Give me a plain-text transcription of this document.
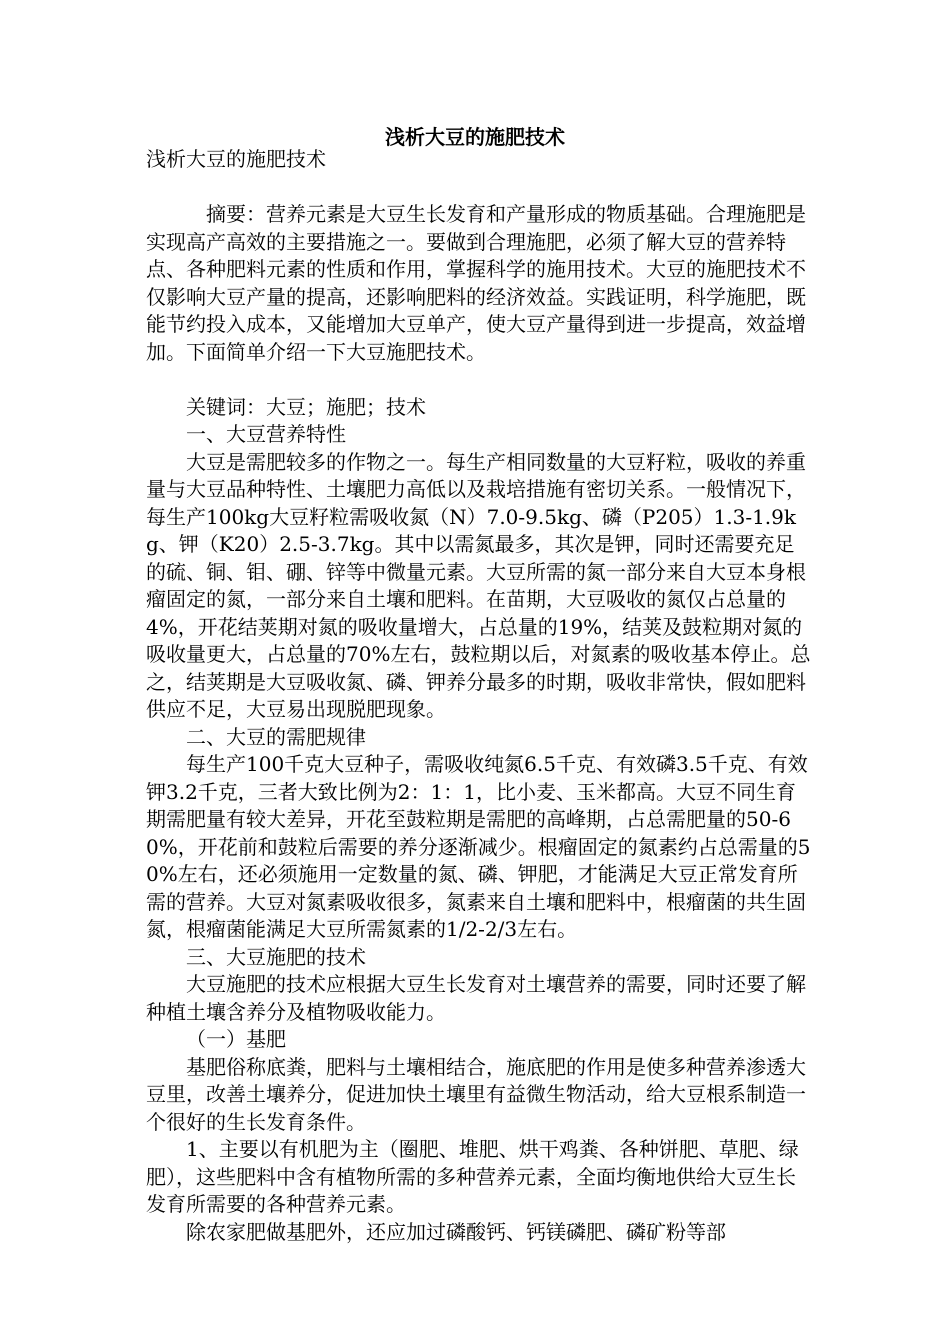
浅析大豆的施肥技术

浅析大豆的施肥技术

摘要：营养元素是大豆生长发育和产量形成的物质基础。合理施肥是实现高产高效的主要措施之一。要做到合理施肥，必须了解大豆的营养特点、各种肥料元素的性质和作用，掌握科学的施用技术。大豆的施肥技术不仅影响大豆产量的提高，还影响肥料的经济效益。实践证明，科学施肥，既能节约投入成本，又能增加大豆单产，使大豆产量得到进一步提高，效益增加。下面简单介绍一下大豆施肥技术。

关键词：大豆；施肥；技术

一、大豆营养特性

大豆是需肥较多的作物之一。每生产相同数量的大豆籽粒，吸收的养重量与大豆品种特性、土壤肥力高低以及栽培措施有密切关系。一般情况下，每生产100kg大豆籽粒需吸收氮（N）7.0-9.5kg、磷（P205）1.3-1.9kg、钾（K20）2.5-3.7kg。其中以需氮最多，其次是钾，同时还需要充足的硫、铜、钼、硼、锌等中微量元素。大豆所需的氮一部分来自大豆本身根瘤固定的氮，一部分来自土壤和肥料。在苗期，大豆吸收的氮仅占总量的4%，开花结荚期对氮的吸收量增大，占总量的19%，结荚及鼓粒期对氮的吸收量更大，占总量的70%左右，鼓粒期以后，对氮素的吸收基本停止。总之，结荚期是大豆吸收氮、磷、钾养分最多的时期，吸收非常快，假如肥料供应不足，大豆易出现脱肥现象。

二、大豆的需肥规律

每生产100千克大豆种子，需吸收纯氮6.5千克、有效磷3.5千克、有效钾3.2千克，三者大致比例为2：1：1，比小麦、玉米都高。大豆不同生育期需肥量有较大差异，开花至鼓粒期是需肥的高峰期，占总需肥量的50-60%，开花前和鼓粒后需要的养分逐渐减少。根瘤固定的氮素约占总需量的50%左右，还必须施用一定数量的氮、磷、钾肥，才能满足大豆正常发育所需的营养。大豆对氮素吸收很多，氮素来自土壤和肥料中，根瘤菌的共生固氮，根瘤菌能满足大豆所需氮素的1/2-2/3左右。

三、大豆施肥的技术

大豆施肥的技术应根据大豆生长发育对土壤营养的需要，同时还要了解种植土壤含养分及植物吸收能力。

（一）基肥

基肥俗称底粪，肥料与土壤相结合，施底肥的作用是使多种营养渗透大豆里，改善土壤养分，促进加快土壤里有益微生物活动，给大豆根系制造一个很好的生长发育条件。

1、主要以有机肥为主（圈肥、堆肥、烘干鸡粪、各种饼肥、草肥、绿肥），这些肥料中含有植物所需的多种营养元素，全面均衡地供给大豆生长发育所需要的各种营养元素。

除农家肥做基肥外，还应加过磷酸钙、钙镁磷肥、磷矿粉等部
